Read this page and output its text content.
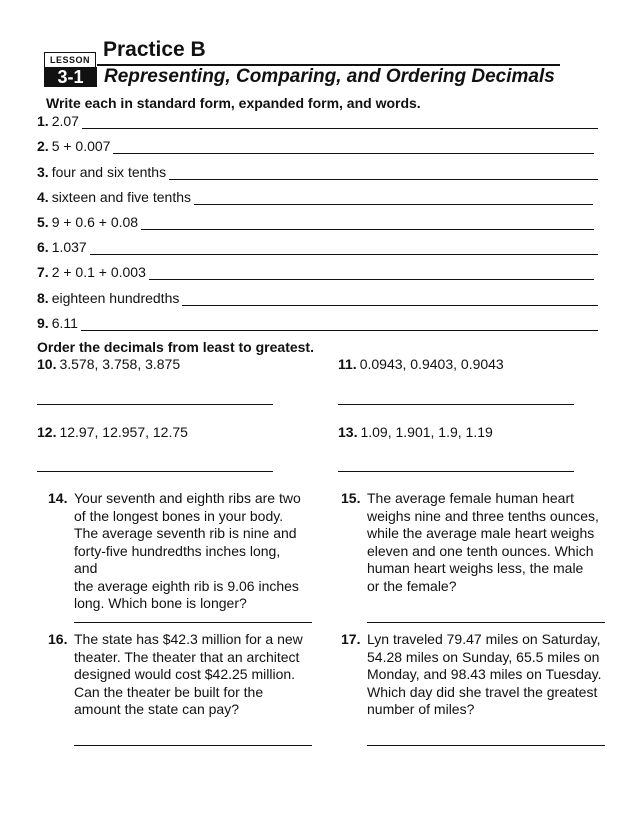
LESSON
3-1
Practice B
Representing, Comparing, and Ordering Decimals
Write each in standard form, expanded form, and words.
1. 2.07
2. 5 + 0.007
3. four and six tenths
4. sixteen and five tenths
5. 9 + 0.6 + 0.08
6. 1.037
7. 2 + 0.1 + 0.003
8. eighteen hundredths
9. 6.11
Order the decimals from least to greatest.
10. 3.578, 3.758, 3.875	11. 0.0943, 0.9403, 0.9043
12. 12.97, 12.957, 12.75	13. 1.09, 1.901, 1.9, 1.19
14. Your seventh and eighth ribs are two
of the longest bones in your body.
The average seventh rib is nine and
forty-five hundredths inches long, and
the average eighth rib is 9.06 inches
long. Which bone is longer?
15. The average female human heart
weighs nine and three tenths ounces,
while the average male heart weighs
eleven and one tenth ounces. Which
human heart weighs less, the male
or the female?
16. The state has $42.3 million for a new
theater. The theater that an architect
designed would cost $42.25 million.
Can the theater be built for the
amount the state can pay?
17. Lyn traveled 79.47 miles on Saturday,
54.28 miles on Sunday, 65.5 miles on
Monday, and 98.43 miles on Tuesday.
Which day did she travel the greatest
number of miles?
